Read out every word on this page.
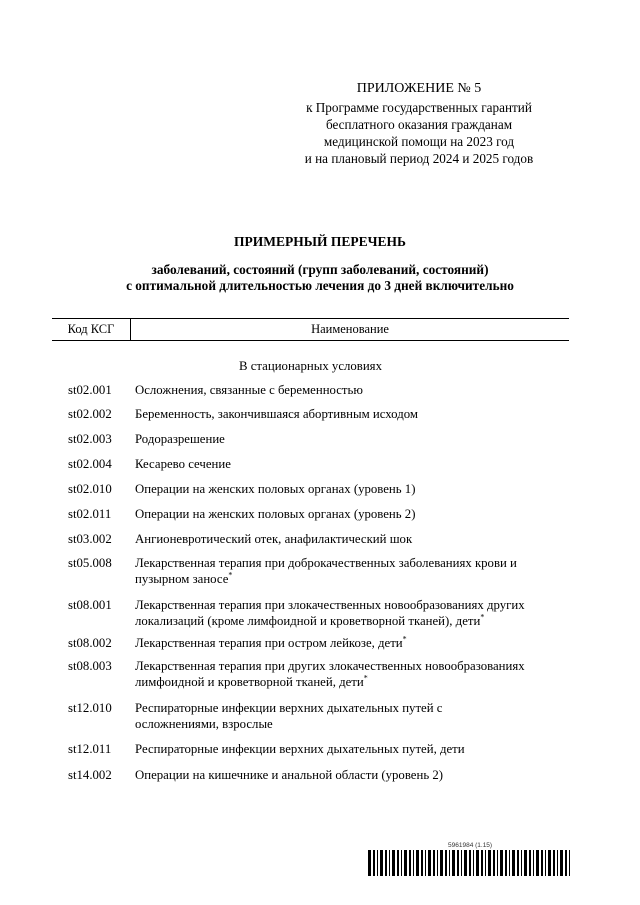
ПРИЛОЖЕНИЕ № 5
к Программе государственных гарантий
бесплатного оказания гражданам
медицинской помощи на 2023 год
и на плановый период 2024 и 2025 годов
ПРИМЕРНЫЙ ПЕРЕЧЕНЬ
заболеваний, состояний (групп заболеваний, состояний)
с оптимальной длительностью лечения до 3 дней включительно
Код КСГ	Наименование
В стационарных условиях
st02.001 Осложнения, связанные с беременностью
st02.002 Беременность, закончившаяся абортивным исходом
st02.003 Родоразрешение
st02.004 Кесарево сечение
st02.010 Операции на женских половых органах (уровень 1)
st02.011 Операции на женских половых органах (уровень 2)
st03.002 Ангионевротический отек, анафилактический шок
st05.008 Лекарственная терапия при доброкачественных заболеваниях крови и
пузырном заносе*
st08.001 Лекарственная терапия при злокачественных новообразованиях других
локализаций (кроме лимфоидной и кроветворной тканей), дети*
st08.002 Лекарственная терапия при остром лейкозе, дети*
st08.003 Лекарственная терапия при других злокачественных новообразованиях
лимфоидной и кроветворной тканей, дети*
st12.010 Респираторные инфекции верхних дыхательных путей с
осложнениями, взрослые
st12.011 Респираторные инфекции верхних дыхательных путей, дети
st14.002 Операции на кишечнике и анальной области (уровень 2)
5961984 (1.15)
